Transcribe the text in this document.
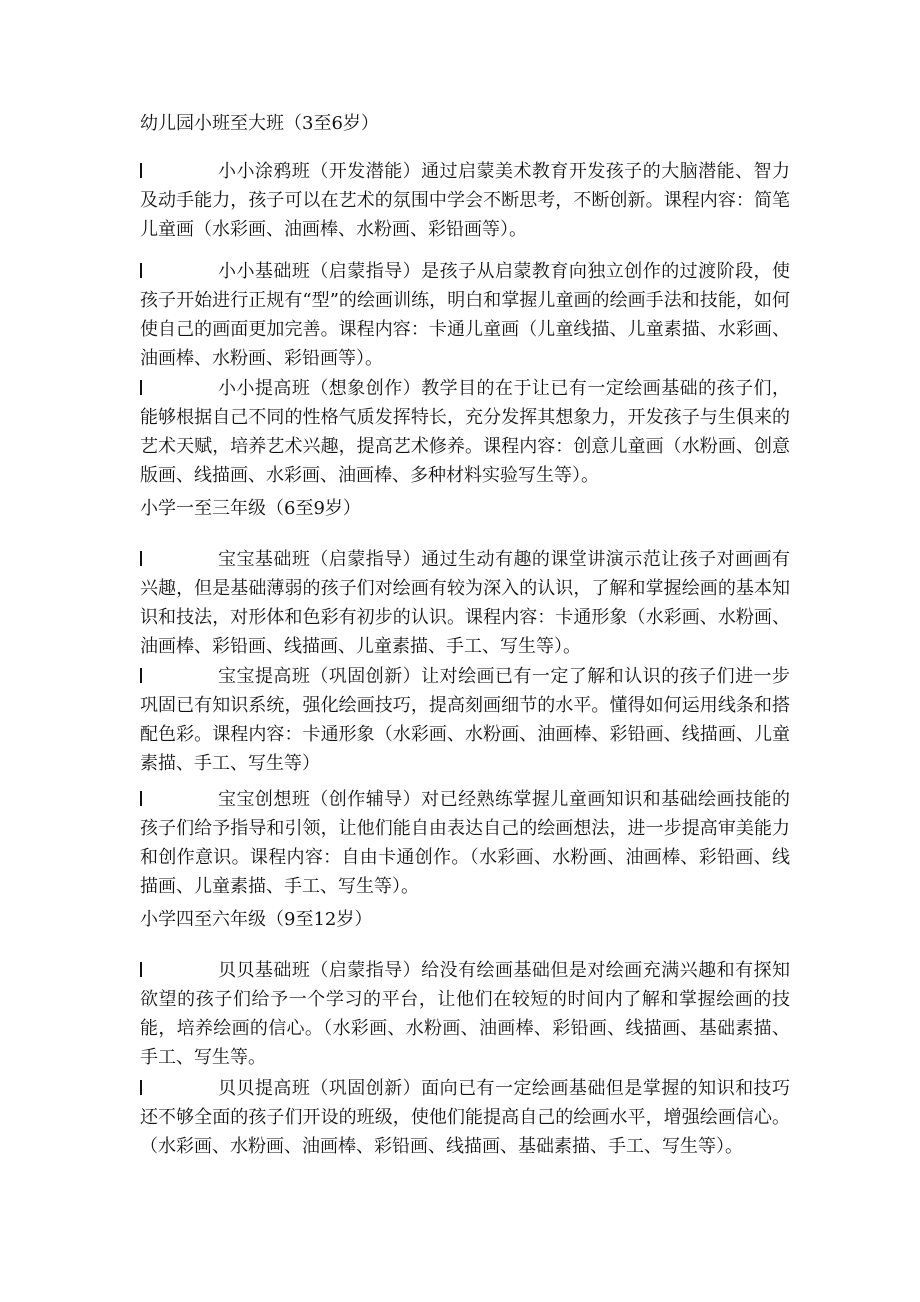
幼儿园小班至大班（3至6岁）
小小涂鸦班（开发潜能）通过启蒙美术教育开发孩子的大脑潜能、智力及动手能力，孩子可以在艺术的氛围中学会不断思考，不断创新。课程内容：简笔儿童画（水彩画、油画棒、水粉画、彩铅画等）。
小小基础班（启蒙指导）是孩子从启蒙教育向独立创作的过渡阶段，使孩子开始进行正规有“型”的绘画训练，明白和掌握儿童画的绘画手法和技能，如何使自己的画面更加完善。课程内容：卡通儿童画（儿童线描、儿童素描、水彩画、油画棒、水粉画、彩铅画等）。
小小提高班（想象创作）教学目的在于让已有一定绘画基础的孩子们，能够根据自己不同的性格气质发挥特长，充分发挥其想象力，开发孩子与生俱来的艺术天赋，培养艺术兴趣，提高艺术修养。课程内容：创意儿童画（水粉画、创意版画、线描画、水彩画、油画棒、多种材料实验写生等）。
小学一至三年级（6至9岁）
宝宝基础班（启蒙指导）通过生动有趣的课堂讲演示范让孩子对画画有兴趣，但是基础薄弱的孩子们对绘画有较为深入的认识，了解和掌握绘画的基本知识和技法，对形体和色彩有初步的认识。课程内容：卡通形象（水彩画、水粉画、油画棒、彩铅画、线描画、儿童素描、手工、写生等）。
宝宝提高班（巩固创新）让对绘画已有一定了解和认识的孩子们进一步巩固已有知识系统，强化绘画技巧，提高刻画细节的水平。懂得如何运用线条和搭配色彩。课程内容：卡通形象（水彩画、水粉画、油画棒、彩铅画、线描画、儿童素描、手工、写生等）
宝宝创想班（创作辅导）对已经熟练掌握儿童画知识和基础绘画技能的孩子们给予指导和引领，让他们能自由表达自己的绘画想法，进一步提高审美能力和创作意识。课程内容：自由卡通创作。（水彩画、水粉画、油画棒、彩铅画、线描画、儿童素描、手工、写生等）。
小学四至六年级（9至12岁）
贝贝基础班（启蒙指导）给没有绘画基础但是对绘画充满兴趣和有探知欲望的孩子们给予一个学习的平台，让他们在较短的时间内了解和掌握绘画的技能，培养绘画的信心。（水彩画、水粉画、油画棒、彩铅画、线描画、基础素描、手工、写生等。
贝贝提高班（巩固创新）面向已有一定绘画基础但是掌握的知识和技巧还不够全面的孩子们开设的班级，使他们能提高自己的绘画水平，增强绘画信心。（水彩画、水粉画、油画棒、彩铅画、线描画、基础素描、手工、写生等）。
